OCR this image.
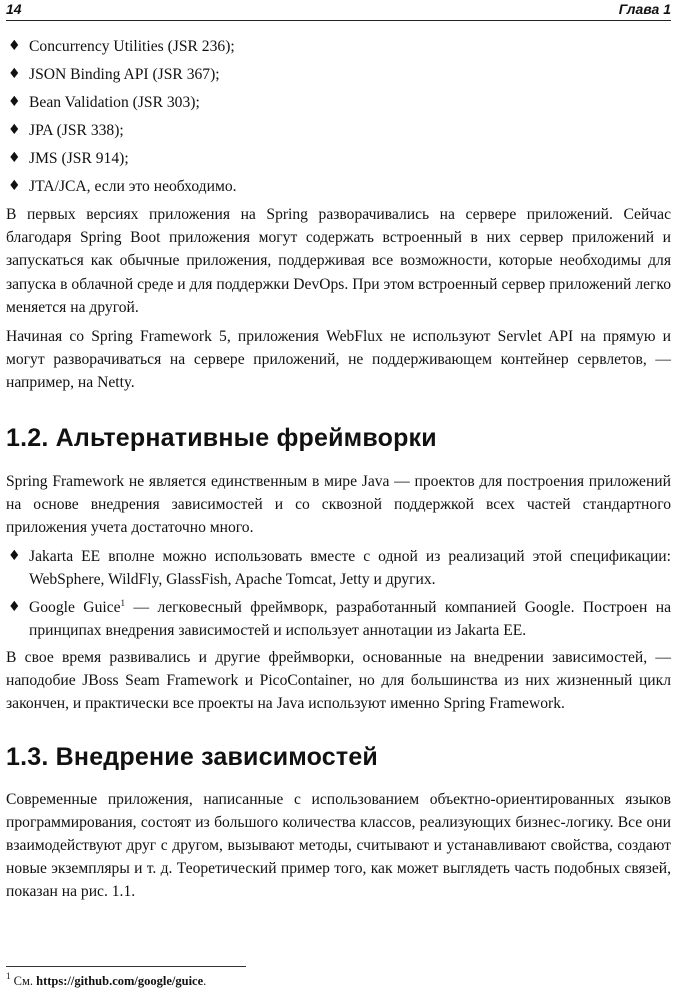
14	Глава 1
♦ Concurrency Utilities (JSR 236);
♦ JSON Binding API (JSR 367);
♦ Bean Validation (JSR 303);
♦ JPA (JSR 338);
♦ JMS (JSR 914);
♦ JTA/JCA, если это необходимо.

В первых версиях приложения на Spring разворачивались на сервере приложений. Сейчас благодаря Spring Boot приложения могут содержать встроенный в них сервер приложений и запускаться как обычные приложения, поддерживая все возможности, которые необходимы для запуска в облачной среде и для поддержки DevOps. При этом встроенный сервер приложений легко меняется на другой.

Начиная со Spring Framework 5, приложения WebFlux не используют Servlet API на прямую и могут разворачиваться на сервере приложений, не поддерживающем контейнер сервлетов, — например, на Netty.

1.2. Альтернативные фреймворки

Spring Framework не является единственным в мире Java — проектов для построения приложений на основе внедрения зависимостей и со сквозной поддержкой всех частей стандартного приложения учета достаточно много.

♦ Jakarta EE вполне можно использовать вместе с одной из реализаций этой спецификации: WebSphere, WildFly, GlassFish, Apache Tomcat, Jetty и других.
♦ Google Guice$^1$ — легковесный фреймворк, разработанный компанией Google. Построен на принципах внедрения зависимостей и использует аннотации из Jakarta EE.

В свое время развивались и другие фреймворки, основанные на внедрении зависимостей, — наподобие JBoss Seam Framework и PicoContainer, но для большинства из них жизненный цикл закончен, и практически все проекты на Java используют именно Spring Framework.

1.3. Внедрение зависимостей

Современные приложения, написанные с использованием объектно-ориентированных языков программирования, состоят из большого количества классов, реализующих бизнес-логику. Все они взаимодействуют друг с другом, вызывают методы, считывают и устанавливают свойства, создают новые экземпляры и т. д. Теоретический пример того, как может выглядеть часть подобных связей, показан на рис. 1.1.

$^1$ См. https://github.com/google/guice.
